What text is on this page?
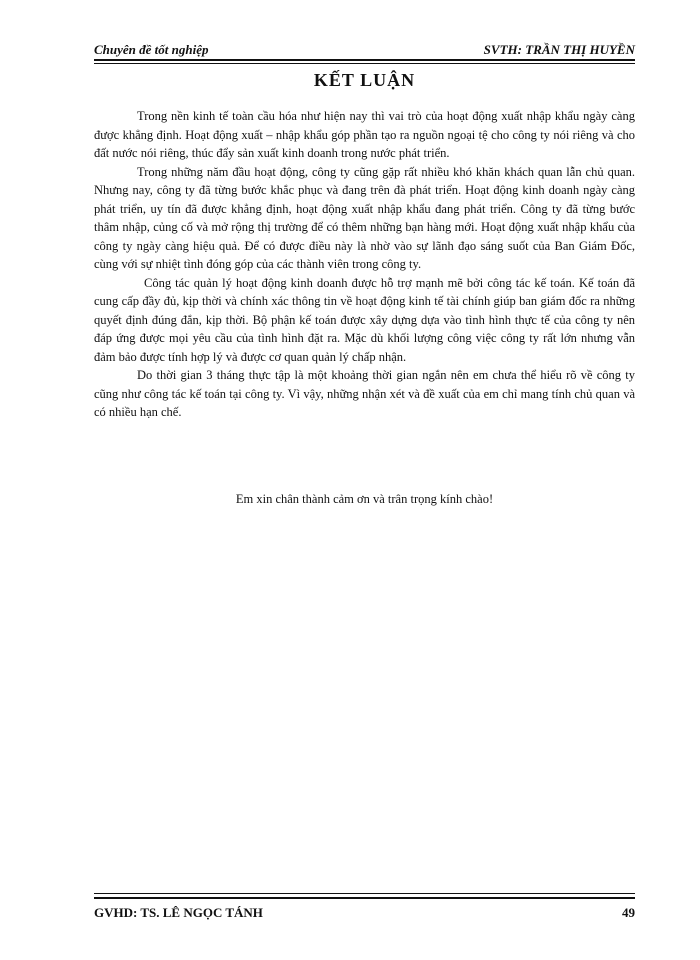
Chuyên đề tốt nghiệp	SVTH: TRẦN THỊ HUYỀN
KẾT LUẬN

Trong nền kinh tế toàn cầu hóa như hiện nay thì vai trò của hoạt động xuất nhập khẩu ngày càng được khẳng định. Hoạt động xuất – nhập khẩu góp phần tạo ra nguồn ngoại tệ cho công ty nói riêng và cho đất nước nói riêng, thúc đẩy sản xuất kinh doanh trong nước phát triển.

Trong những năm đầu hoạt động, công ty cũng gặp rất nhiều khó khăn khách quan lẫn chủ quan. Nhưng nay, công ty đã từng bước khắc phục và đang trên đà phát triển. Hoạt động kinh doanh ngày càng phát triển, uy tín đã được khẳng định, hoạt động xuất nhập khẩu đang phát triển. Công ty đã từng bước thâm nhập, củng cố và mở rộng thị trường để có thêm những bạn hàng mới. Hoạt động xuất nhập khẩu của công ty ngày càng hiệu quả. Để có được điều này là nhờ vào sự lãnh đạo sáng suốt của Ban Giám Đốc, cùng với sự nhiệt tình đóng góp của các thành viên trong công ty.

Công tác quản lý hoạt động kinh doanh được hỗ trợ mạnh mẽ bởi công tác kế toán. Kế toán đã cung cấp đầy đủ, kịp thời và chính xác thông tin về hoạt động kinh tế tài chính giúp ban giám đốc ra những quyết định đúng đắn, kịp thời. Bộ phận kế toán được xây dựng dựa vào tình hình thực tế của công ty nên đáp ứng được mọi yêu cầu của tình hình đặt ra. Mặc dù khối lượng công việc công ty rất lớn nhưng vẫn đảm bảo được tính hợp lý và được cơ quan quản lý chấp nhận.

Do thời gian 3 tháng thực tập là một khoảng thời gian ngắn nên em chưa thể hiểu rõ về công ty cũng như công tác kế toán tại công ty. Vì vậy, những nhận xét và đề xuất của em chỉ mang tính chủ quan và có nhiều hạn chế.

Em xin chân thành cảm ơn và trân trọng kính chào!
GVHD: TS. LÊ NGỌC TÁNH	49
